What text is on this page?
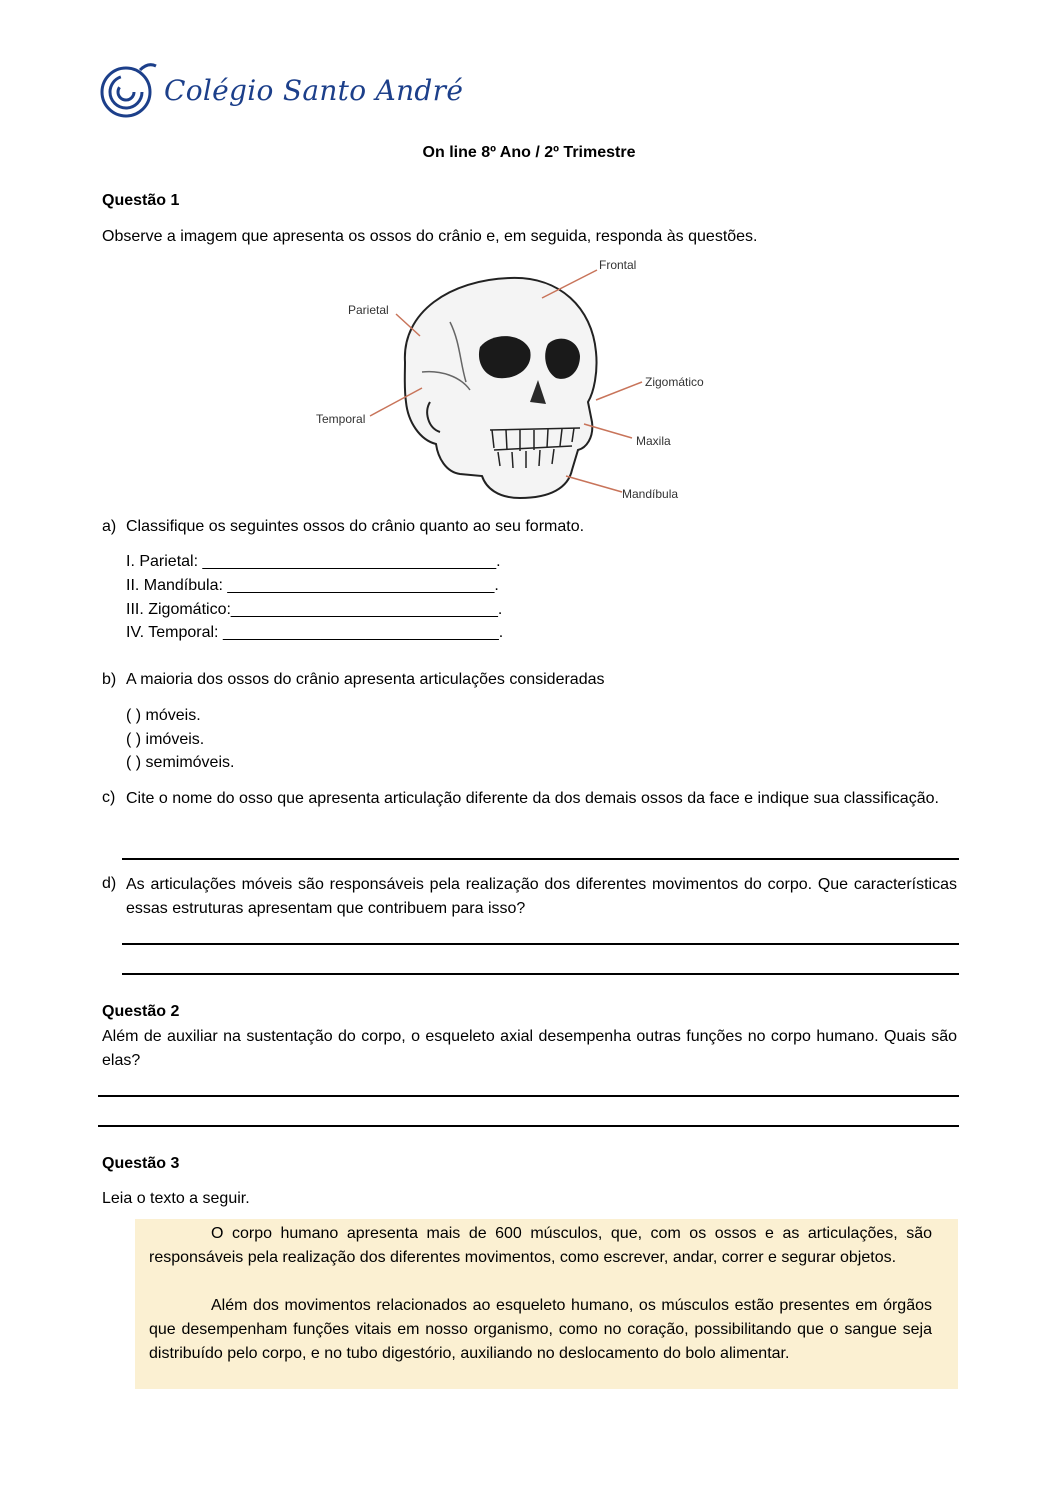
Colégio Santo André
On line 8º Ano / 2º Trimestre
Questão 1
Observe a imagem que apresenta os ossos do crânio e, em seguida, responda às questões.
Frontal
Parietal
Zigomático
Temporal
Maxila
Mandíbula
a) Classifique os seguintes ossos do crânio quanto ao seu formato.
I. Parietal: _________________________________.
II. Mandíbula: ______________________________.
III. Zigomático:______________________________.
IV. Temporal: _______________________________.
b) A maioria dos ossos do crânio apresenta articulações consideradas
( ) móveis.
( ) imóveis.
( ) semimóveis.
c) Cite o nome do osso que apresenta articulação diferente da dos demais ossos da face e indique sua classificação.
d) As articulações móveis são responsáveis pela realização dos diferentes movimentos do corpo. Que características essas estruturas apresentam que contribuem para isso?
Questão 2
Além de auxiliar na sustentação do corpo, o esqueleto axial desempenha outras funções no corpo humano. Quais são elas?
Questão 3
Leia o texto a seguir.
O corpo humano apresenta mais de 600 músculos, que, com os ossos e as articulações, são responsáveis pela realização dos diferentes movimentos, como escrever, andar, correr e segurar objetos.
Além dos movimentos relacionados ao esqueleto humano, os músculos estão presentes em órgãos que desempenham funções vitais em nosso organismo, como no coração, possibilitando que o sangue seja distribuído pelo corpo, e no tubo digestório, auxiliando no deslocamento do bolo alimentar.
